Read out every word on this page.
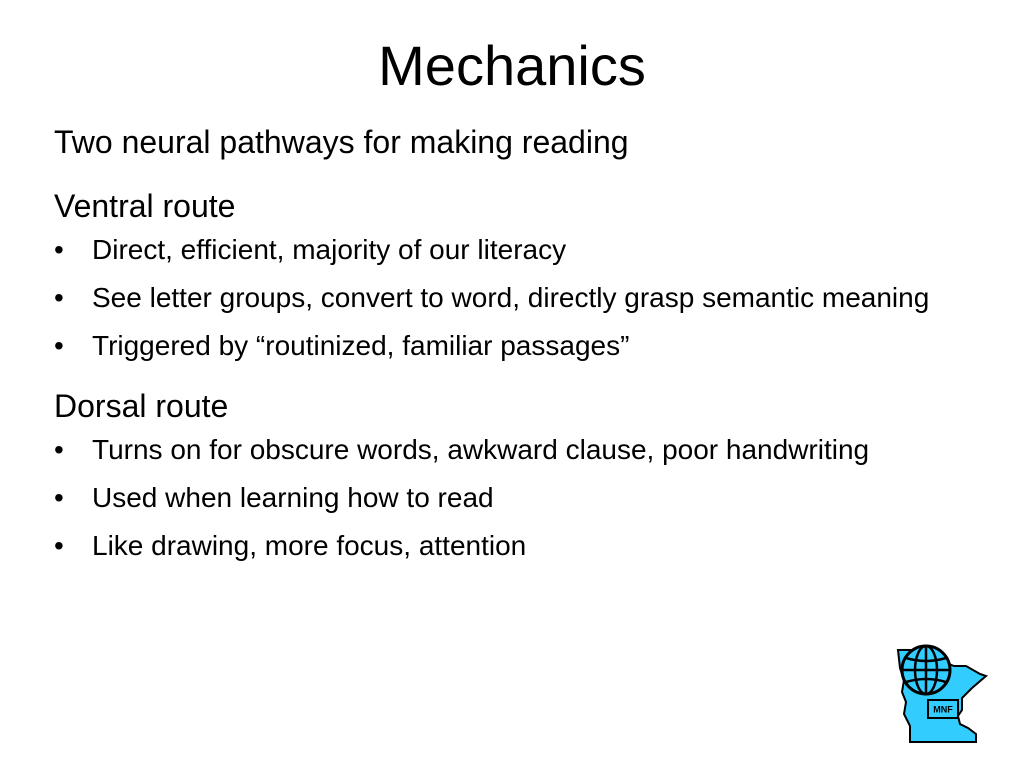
Mechanics

Two neural pathways for making reading

Ventral route
•	Direct, efficient, majority of our literacy
•	See letter groups, convert to word, directly grasp semantic meaning
•	Triggered by “routinized, familiar passages”
Dorsal route
•	Turns on for obscure words, awkward clause, poor handwriting
•	Used when learning how to read
•	Like drawing, more focus, attention
MNF
